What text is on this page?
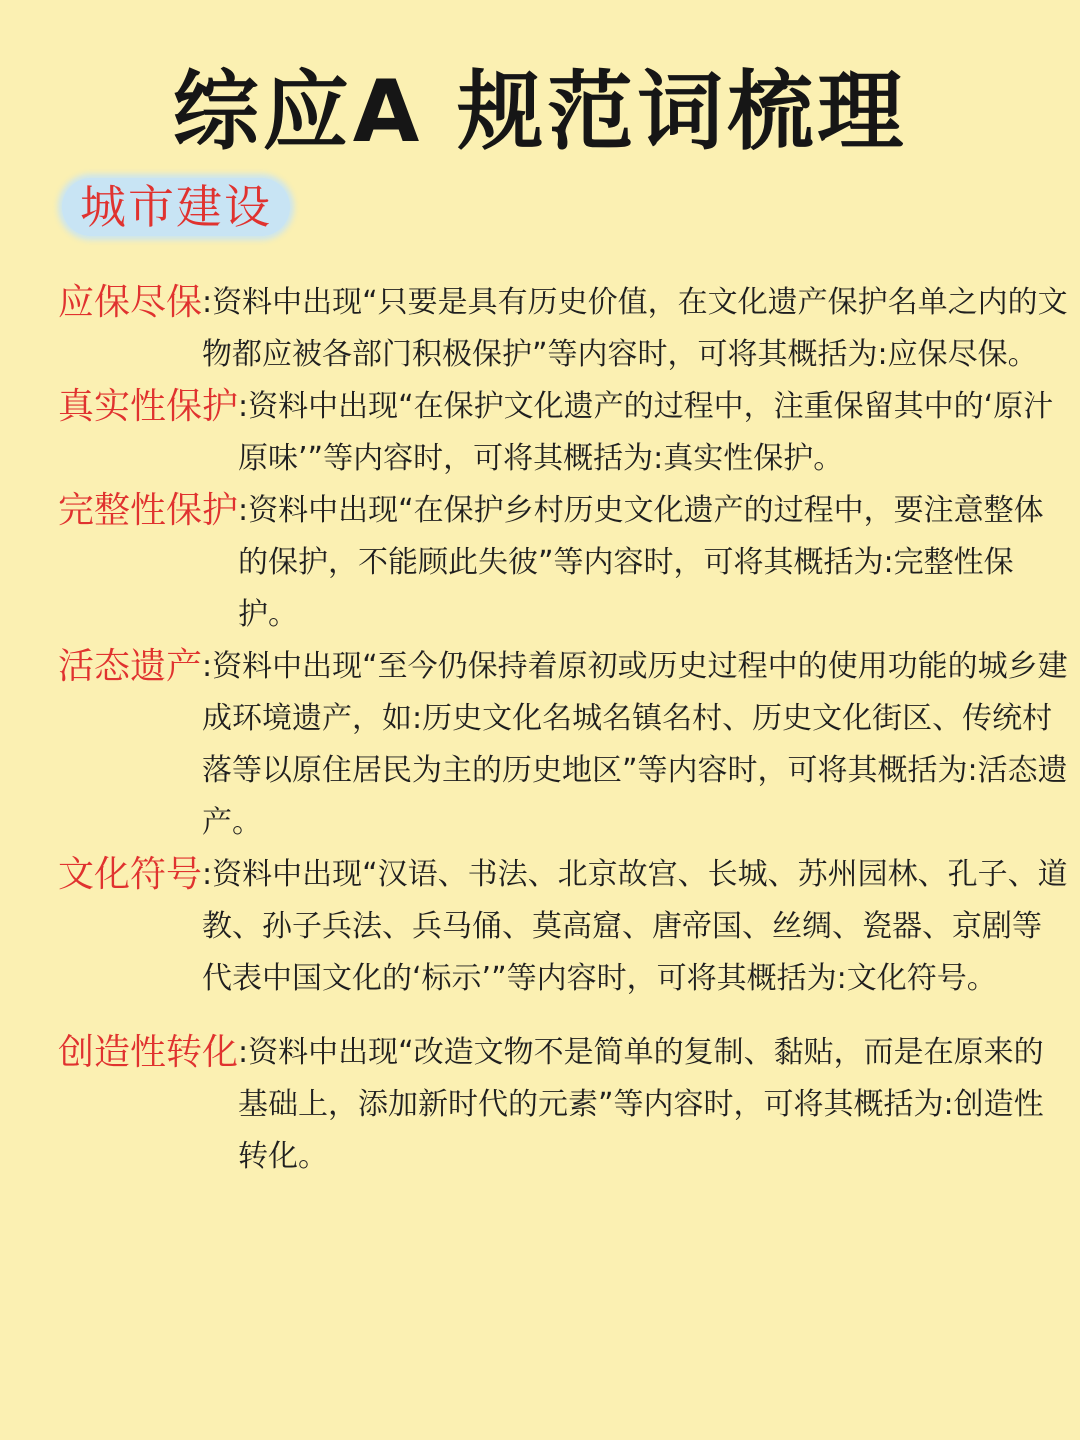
综应A 规范词梳理
城市建设
应保尽保 :资料中出现“只要是具有历史价值，在文化遗产保护名单之内的文物都应被各部门积极保护”等内容时，可将其概括为:应保尽保。
真实性保护 :资料中出现“在保护文化遗产的过程中，注重保留其中的‘原汁原味’”等内容时，可将其概括为:真实性保护。
完整性保护 :资料中出现“在保护乡村历史文化遗产的过程中，要注意整体的保护，不能顾此失彼”等内容时，可将其概括为:完整性保护。
活态遗产 :资料中出现“至今仍保持着原初或历史过程中的使用功能的城乡建成环境遗产，如:历史文化名城名镇名村、历史文化街区、传统村落等以原住居民为主的历史地区”等内容时，可将其概括为:活态遗产。
文化符号 :资料中出现“汉语、书法、北京故宫、长城、苏州园林、孔子、道教、孙子兵法、兵马俑、莫高窟、唐帝国、丝绸、瓷器、京剧等代表中国文化的‘标示’”等内容时，可将其概括为:文化符号。
创造性转化 :资料中出现“改造文物不是简单的复制、黏贴，而是在原来的基础上，添加新时代的元素”等内容时，可将其概括为:创造性转化。
